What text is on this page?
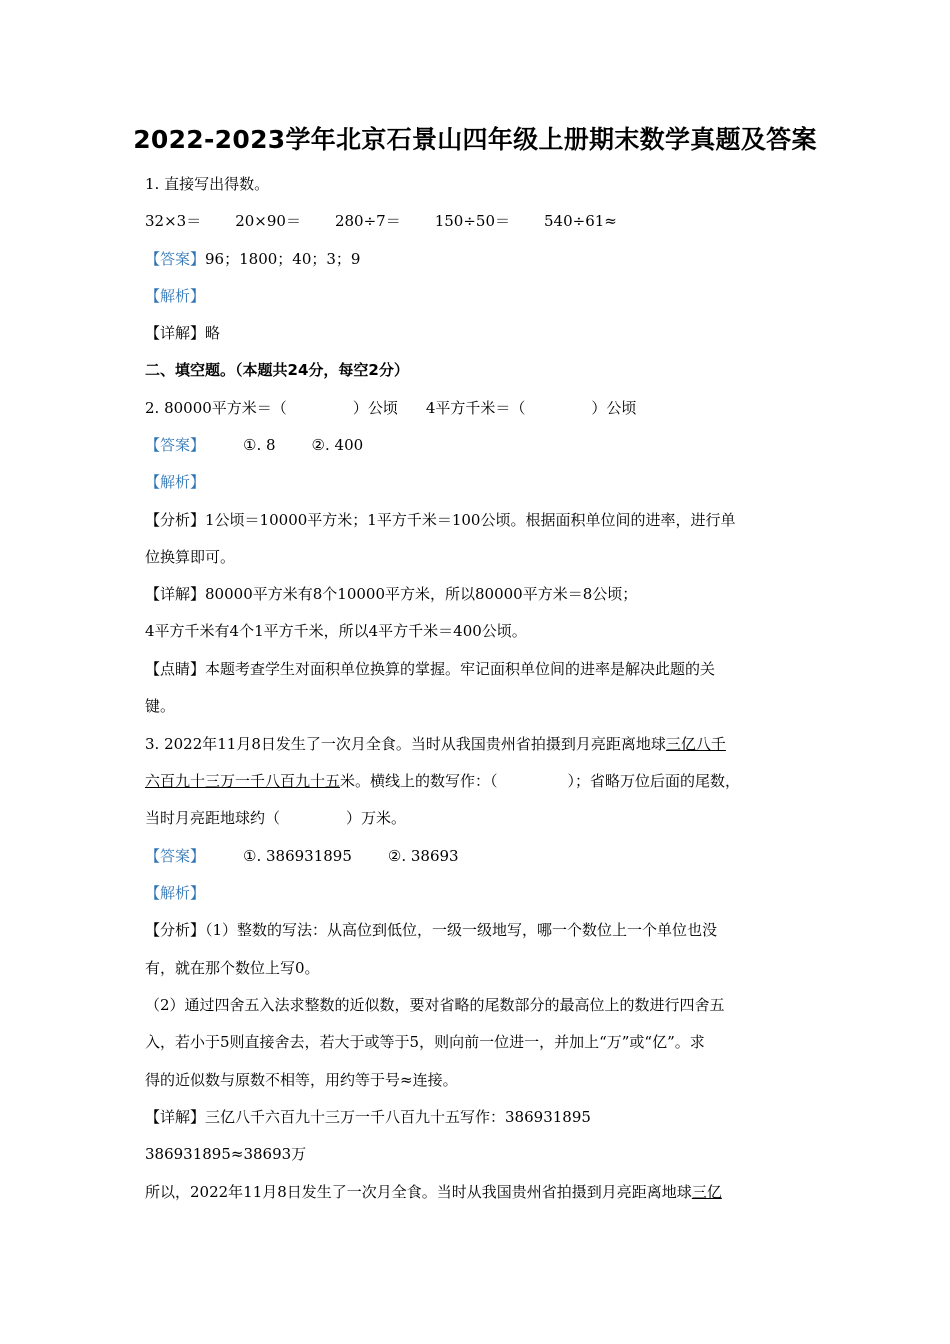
2022-2023学年北京石景山四年级上册期末数学真题及答案
1. 直接写出得数。
32×3＝ 20×90＝ 280÷7＝ 150÷50＝ 540÷61≈
【答案】96；1800；40；3；9
【解析】
【详解】略
二、填空题。（本题共24分，每空2分）
2. 80000平方米＝（	）公顷 4平方千米＝（	）公顷
【答案】	①. 8 ②. 400
【解析】
【分析】1公顷＝10000平方米；1平方千米＝100公顷。根据面积单位间的进率，进行单
位换算即可。
【详解】80000平方米有8个10000平方米，所以80000平方米＝8公顷；
4平方千米有4个1平方千米，所以4平方千米＝400公顷。
【点睛】本题考查学生对面积单位换算的掌握。牢记面积单位间的进率是解决此题的关
键。
3. 2022年11月8日发生了一次月全食。当时从我国贵州省拍摄到月亮距离地球三亿八千
六百九十三万一千八百九十五米。横线上的数写作：（	）；省略万位后面的尾数，
当时月亮距地球约（	）万米。
【答案】	①. 386931895 ②. 38693
【解析】
【分析】（1）整数的写法：从高位到低位，一级一级地写，哪一个数位上一个单位也没
有，就在那个数位上写0。
（2）通过四舍五入法求整数的近似数，要对省略的尾数部分的最高位上的数进行四舍五
入，若小于5则直接舍去，若大于或等于5，则向前一位进一，并加上“万”或“亿”。求
得的近似数与原数不相等，用约等于号≈连接。
【详解】三亿八千六百九十三万一千八百九十五写作：386931895
386931895≈38693万
所以，2022年11月8日发生了一次月全食。当时从我国贵州省拍摄到月亮距离地球三亿
